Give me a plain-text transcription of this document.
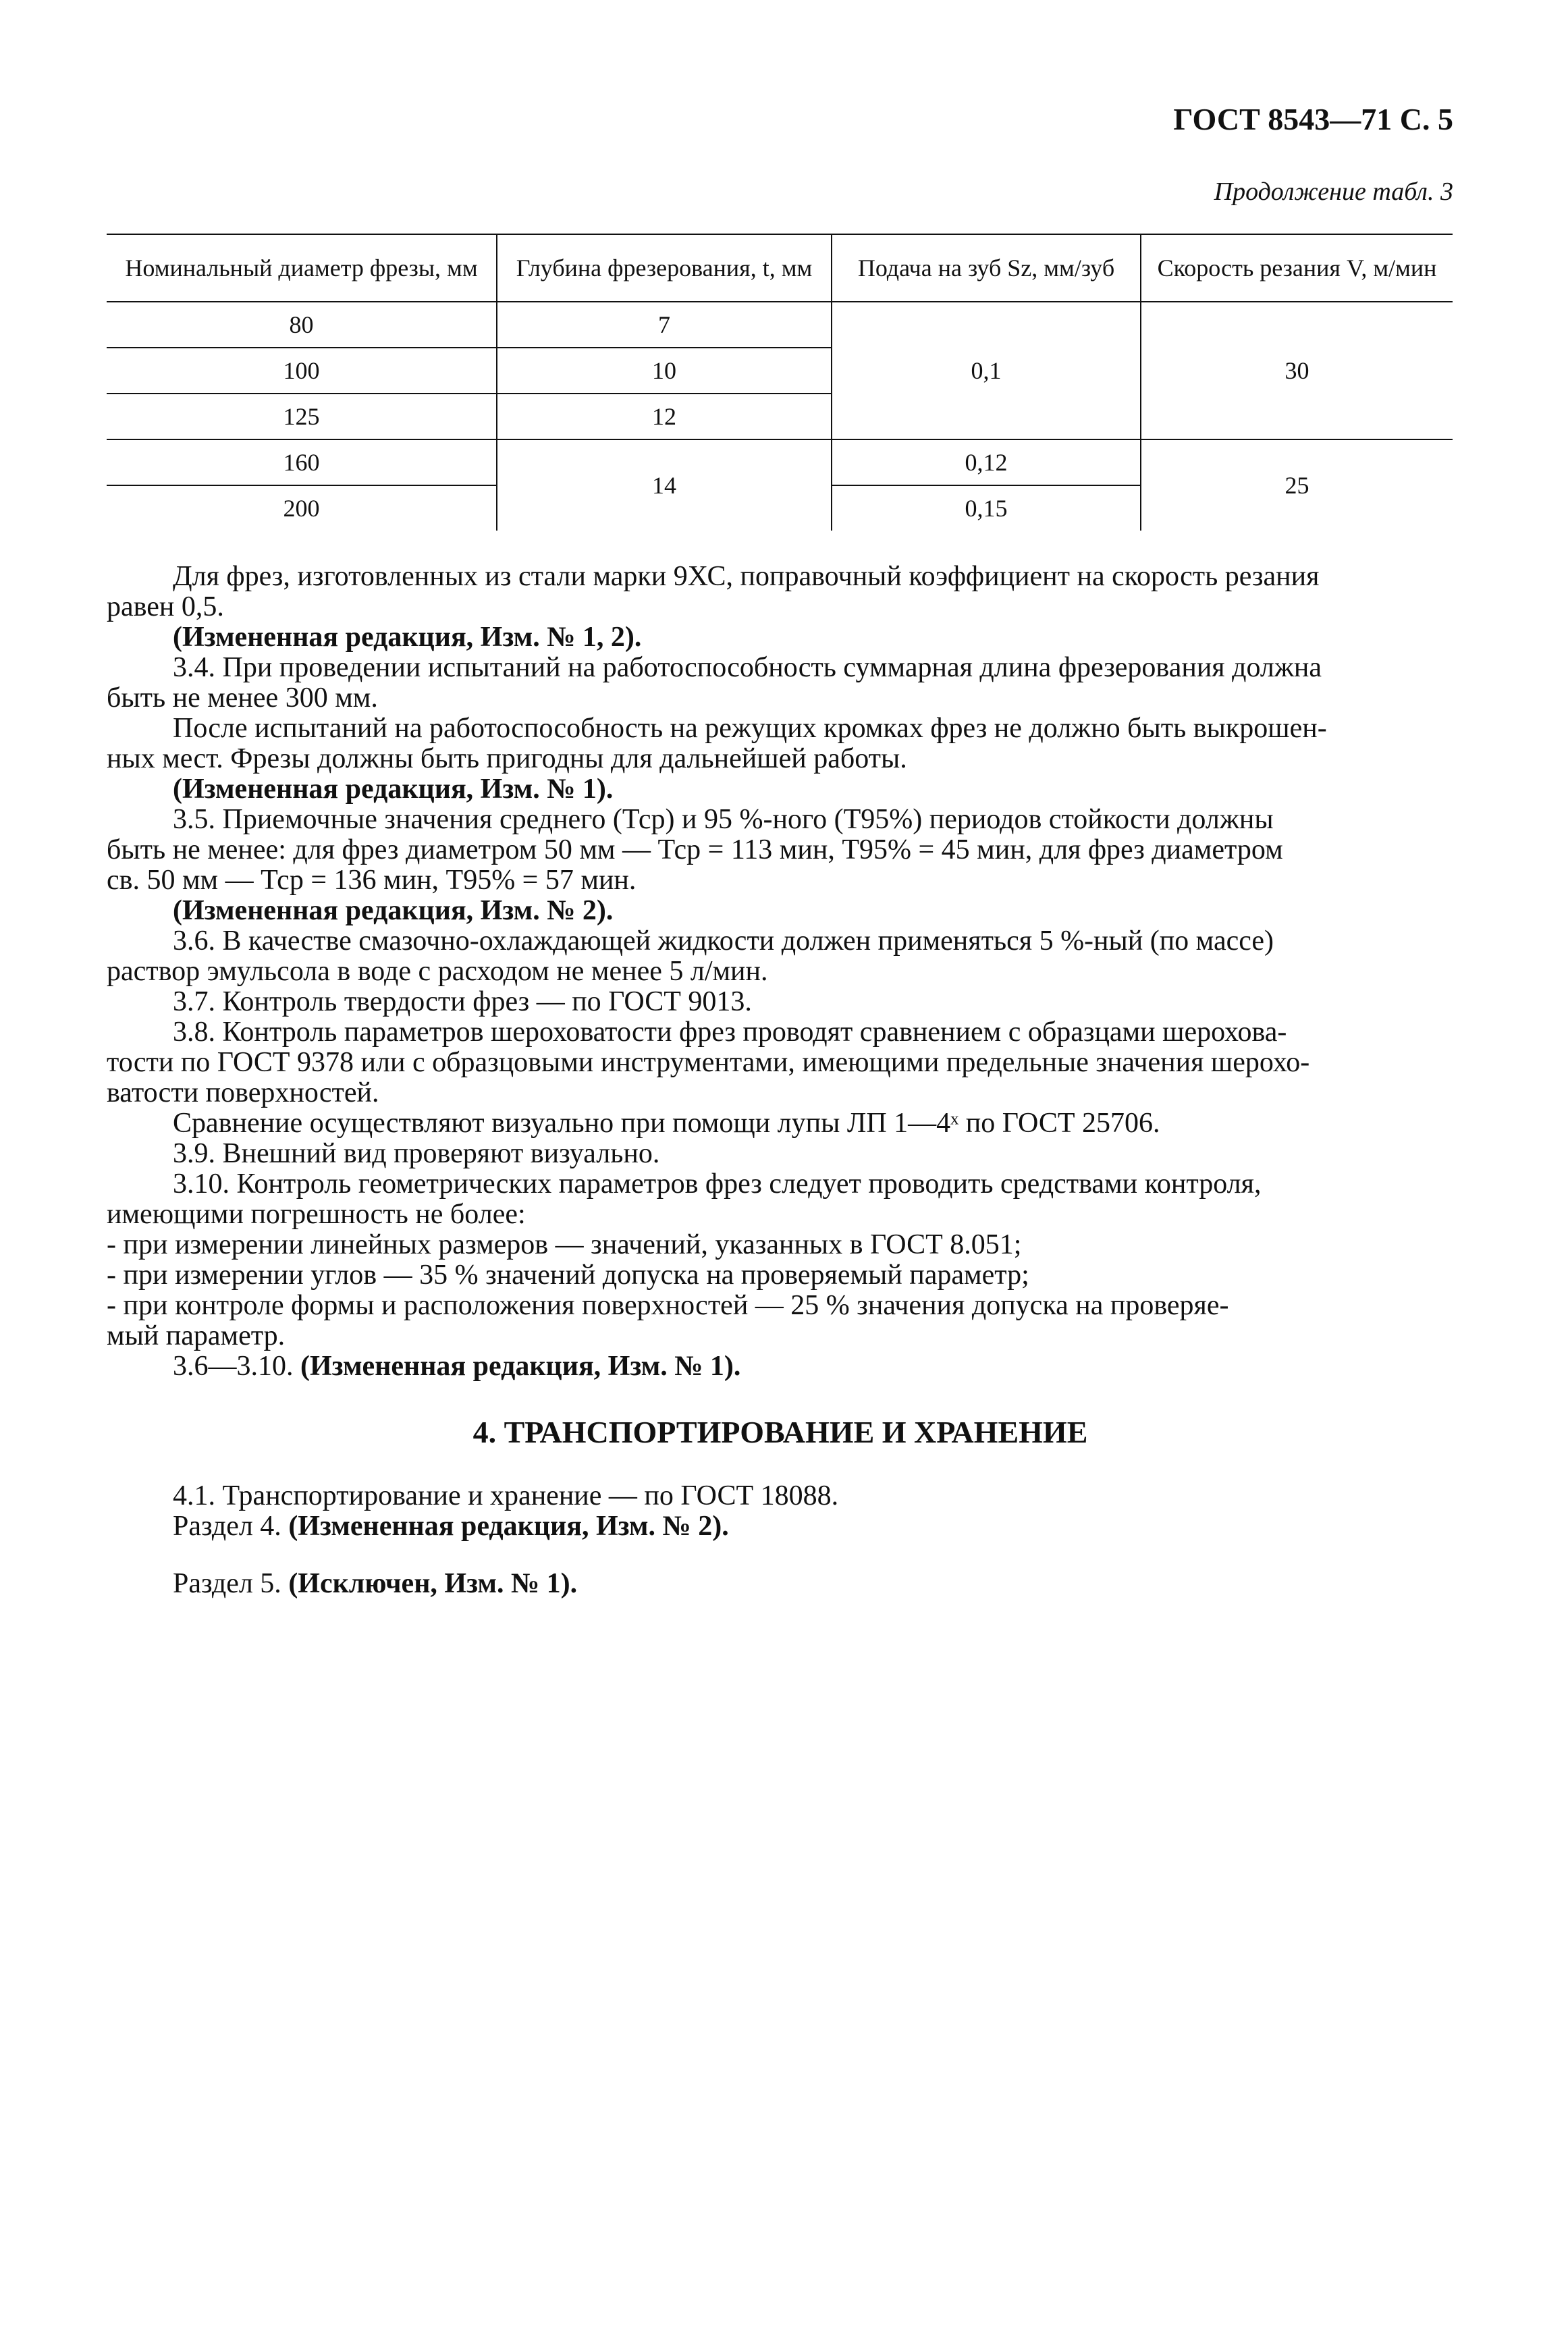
ГОСТ 8543—71 С. 5
Продолжение табл. 3
Номинальный диаметр фрезы, мм	Глубина фрезерования, t, мм	Подача на зуб Sz, мм/зуб	Скорость резания V, м/мин
80	7	0,1	30
100	10		
125	12		
160	14	0,12	25
200		0,15	

Для фрез, изготовленных из стали марки 9ХС, поправочный коэффициент на скорость резания

равен 0,5.

(Измененная редакция, Изм. № 1, 2).

3.4. При проведении испытаний на работоспособность суммарная длина фрезерования должна

быть не менее 300 мм.

После испытаний на работоспособность на режущих кромках фрез не должно быть выкрошен-

ных мест. Фрезы должны быть пригодны для дальнейшей работы.

(Измененная редакция, Изм. № 1).

3.5. Приемочные значения среднего (Тср) и 95 %-ного (Т95%) периодов стойкости должны

быть не менее: для фрез диаметром 50 мм — Тср = 113 мин, Т95% = 45 мин, для фрез диаметром

св. 50 мм — Тср = 136 мин, Т95% = 57 мин.

(Измененная редакция, Изм. № 2).

3.6. В качестве смазочно-охлаждающей жидкости должен применяться 5 %-ный (по массе)

раствор эмульсола в воде с расходом не менее 5 л/мин.

3.7. Контроль твердости фрез — по ГОСТ 9013.

3.8. Контроль параметров шероховатости фрез проводят сравнением с образцами шерохова-

тости по ГОСТ 9378 или с образцовыми инструментами, имеющими предельные значения шерохо-

ватости поверхностей.

Сравнение осуществляют визуально при помощи лупы ЛП 1—4ˣ по ГОСТ 25706.

3.9. Внешний вид проверяют визуально.

3.10. Контроль геометрических параметров фрез следует проводить средствами контроля,

имеющими погрешность не более:

- при измерении линейных размеров — значений, указанных в ГОСТ 8.051;

- при измерении углов — 35 % значений допуска на проверяемый параметр;

- при контроле формы и расположения поверхностей — 25 % значения допуска на проверяе-

мый параметр.

3.6—3.10. (Измененная редакция, Изм. № 1).

4. ТРАНСПОРТИРОВАНИЕ И ХРАНЕНИЕ

4.1. Транспортирование и хранение — по ГОСТ 18088.

Раздел 4. (Измененная редакция, Изм. № 2).

Раздел 5. (Исключен, Изм. № 1).
